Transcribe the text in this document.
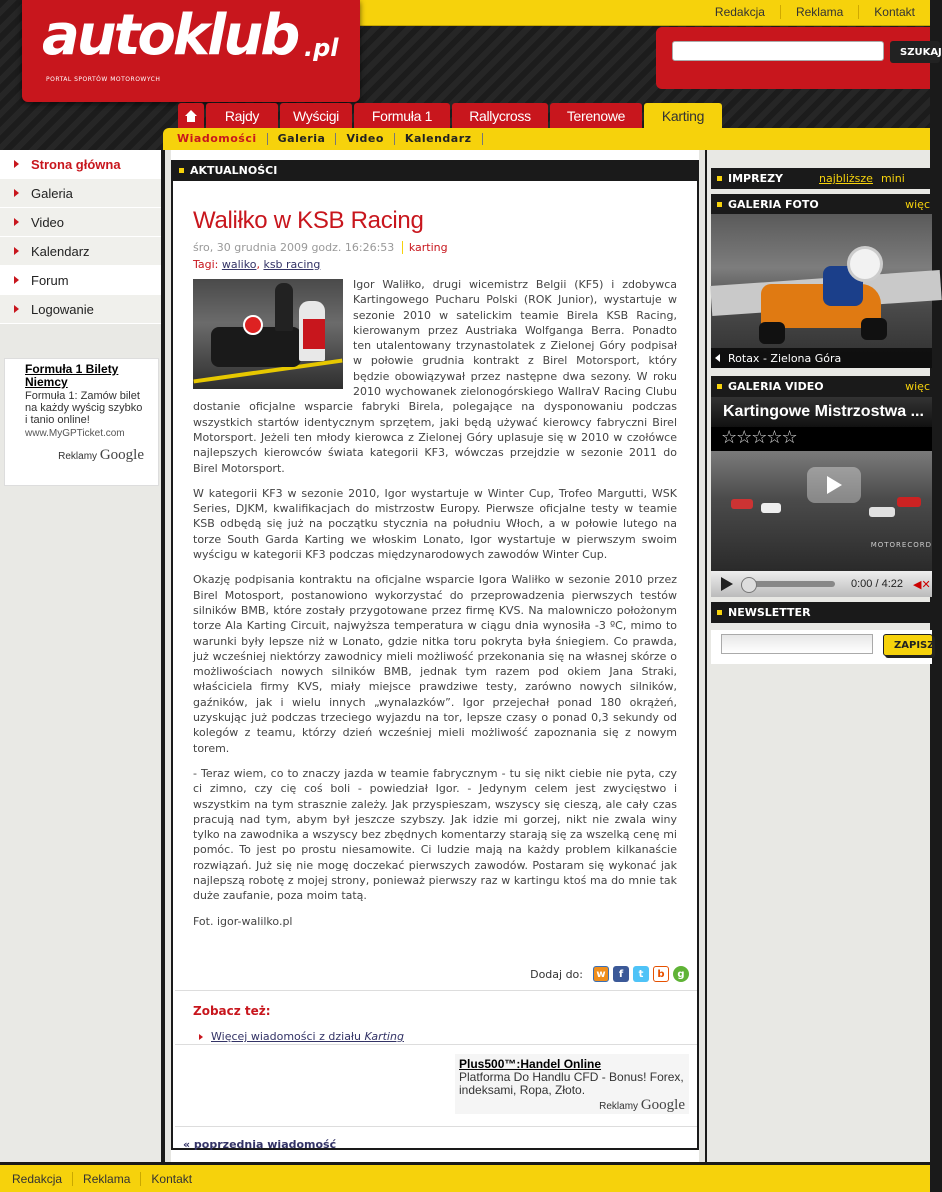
Redakcja	Reklama	Kontakt
autoklub .pl
PORTAL SPORTÓW MOTOROWYCH
SZUKAJ
Rajdy	Wyścigi	Formuła 1	Rallycross	Terenowe	Karting
Wiadomości	Galeria	Video	Kalendarz
Strona główna
Galeria
Video
Kalendarz
Forum
Logowanie
Formuła 1 Bilety Niemcy
Formuła 1: Zamów bilet na każdy wyścig szybko i tanio online!
www.MyGPTicket.com
Reklamy Google
AKTUALNOŚCI
Waliłko w KSB Racing
śro, 30 grudnia 2009 godz. 16:26:53 karting
Tagi: waliko, ksb racing

Igor Waliłko, drugi wicemistrz Belgii (KF5) i zdobywca Kartingowego Pucharu Polski (ROK Junior), wystartuje w sezonie 2010 w satelickim teamie Birela KSB Racing, kierowanym przez Austriaka Wolfganga Berra. Ponadto ten utalentowany trzynastolatek z Zielonej Góry podpisał w połowie grudnia kontrakt z Birel Motorsport, który będzie obowiązywał przez następne dwa sezony. W roku 2010 wychowanek zielonogórskiego WallraV Racing Clubu dostanie oficjalne wsparcie fabryki Birela, polegające na dysponowaniu podczas wszystkich startów identycznym sprzętem, jaki będą używać kierowcy fabryczni Birel Motorsport. Jeżeli ten młody kierowca z Zielonej Góry uplasuje się w 2010 w czołówce najlepszych kierowców świata kategorii KF3, wówczas przejdzie w sezonie 2011 do Birel Motorsport.

W kategorii KF3 w sezonie 2010, Igor wystartuje w Winter Cup, Trofeo Margutti, WSK Series, DJKM, kwalifikacjach do mistrzostw Europy. Pierwsze oficjalne testy w teamie KSB odbędą się już na początku stycznia na południu Włoch, a w połowie lutego na torze South Garda Karting we włoskim Lonato, Igor wystartuje w pierwszym swoim wyścigu w kategorii KF3 podczas międzynarodowych zawodów Winter Cup.

Okazję podpisania kontraktu na oficjalne wsparcie Igora Waliłko w sezonie 2010 przez Birel Motosport, postanowiono wykorzystać do przeprowadzenia pierwszych testów silników BMB, które zostały przygotowane przez firmę KVS. Na malowniczo położonym torze Ala Karting Circuit, najwyższa temperatura w ciągu dnia wynosiła -3 ºC, mimo to warunki były lepsze niż w Lonato, gdzie nitka toru pokryta była śniegiem. Co prawda, już wcześniej niektórzy zawodnicy mieli możliwość przekonania się na własnej skórze o możliwościach nowych silników BMB, jednak tym razem pod okiem Jana Straki, właściciela firmy KVS, miały miejsce prawdziwe testy, zarówno nowych silników, gaźników, jak i wielu innych „wynalazków”. Igor przejechał ponad 180 okrążeń, uzyskując już podczas trzeciego wyjazdu na tor, lepsze czasy o ponad 0,3 sekundy od kolegów z teamu, którzy dzień wcześniej mieli możliwość zapoznania się z nowym torem.

- Teraz wiem, co to znaczy jazda w teamie fabrycznym - tu się nikt ciebie nie pyta, czy ci zimno, czy cię coś boli - powiedział Igor. - Jedynym celem jest zwycięstwo i wszystkim na tym strasznie zależy. Jak przyspieszam, wszyscy się cieszą, ale cały czas pracują nad tym, abym był jeszcze szybszy. Jak idzie mi gorzej, nikt nie zwala winy tylko na zawodnika a wszyscy bez zbędnych komentarzy starają się za wszelką cenę mi pomóc. To jest po prostu niesamowite. Ci ludzie mają na każdy problem kilkanaście rozwiązań. Już się nie mogę doczekać pierwszych zawodów. Postaram się wykonać jak najlepszą robotę z mojej strony, ponieważ pierwszy raz w kartingu ktoś ma do mnie tak duże zaufanie, poza moim tatą.

Fot. igor-walilko.pl

Dodaj do:	w	f	t	b	g
Zobacz też:
Więcej wiadomości z działu Karting
Plus500™:Handel Online
Platforma Do Handlu CFD - Bonus! Forex, indeksami, Ropa, Złoto.
Reklamy Google
« poprzednia wiadomość
IMPREZY	najbliższe mini
GALERIA FOTO	więc
Rotax - Zielona Góra
GALERIA VIDEO	więc
Kartingowe Mistrzostwa ...
☆☆☆☆☆
MOTORECORD
0:00 / 4:22 ◀✕
NEWSLETTER
ZAPISZ
Redakcja	Reklama	Kontakt
